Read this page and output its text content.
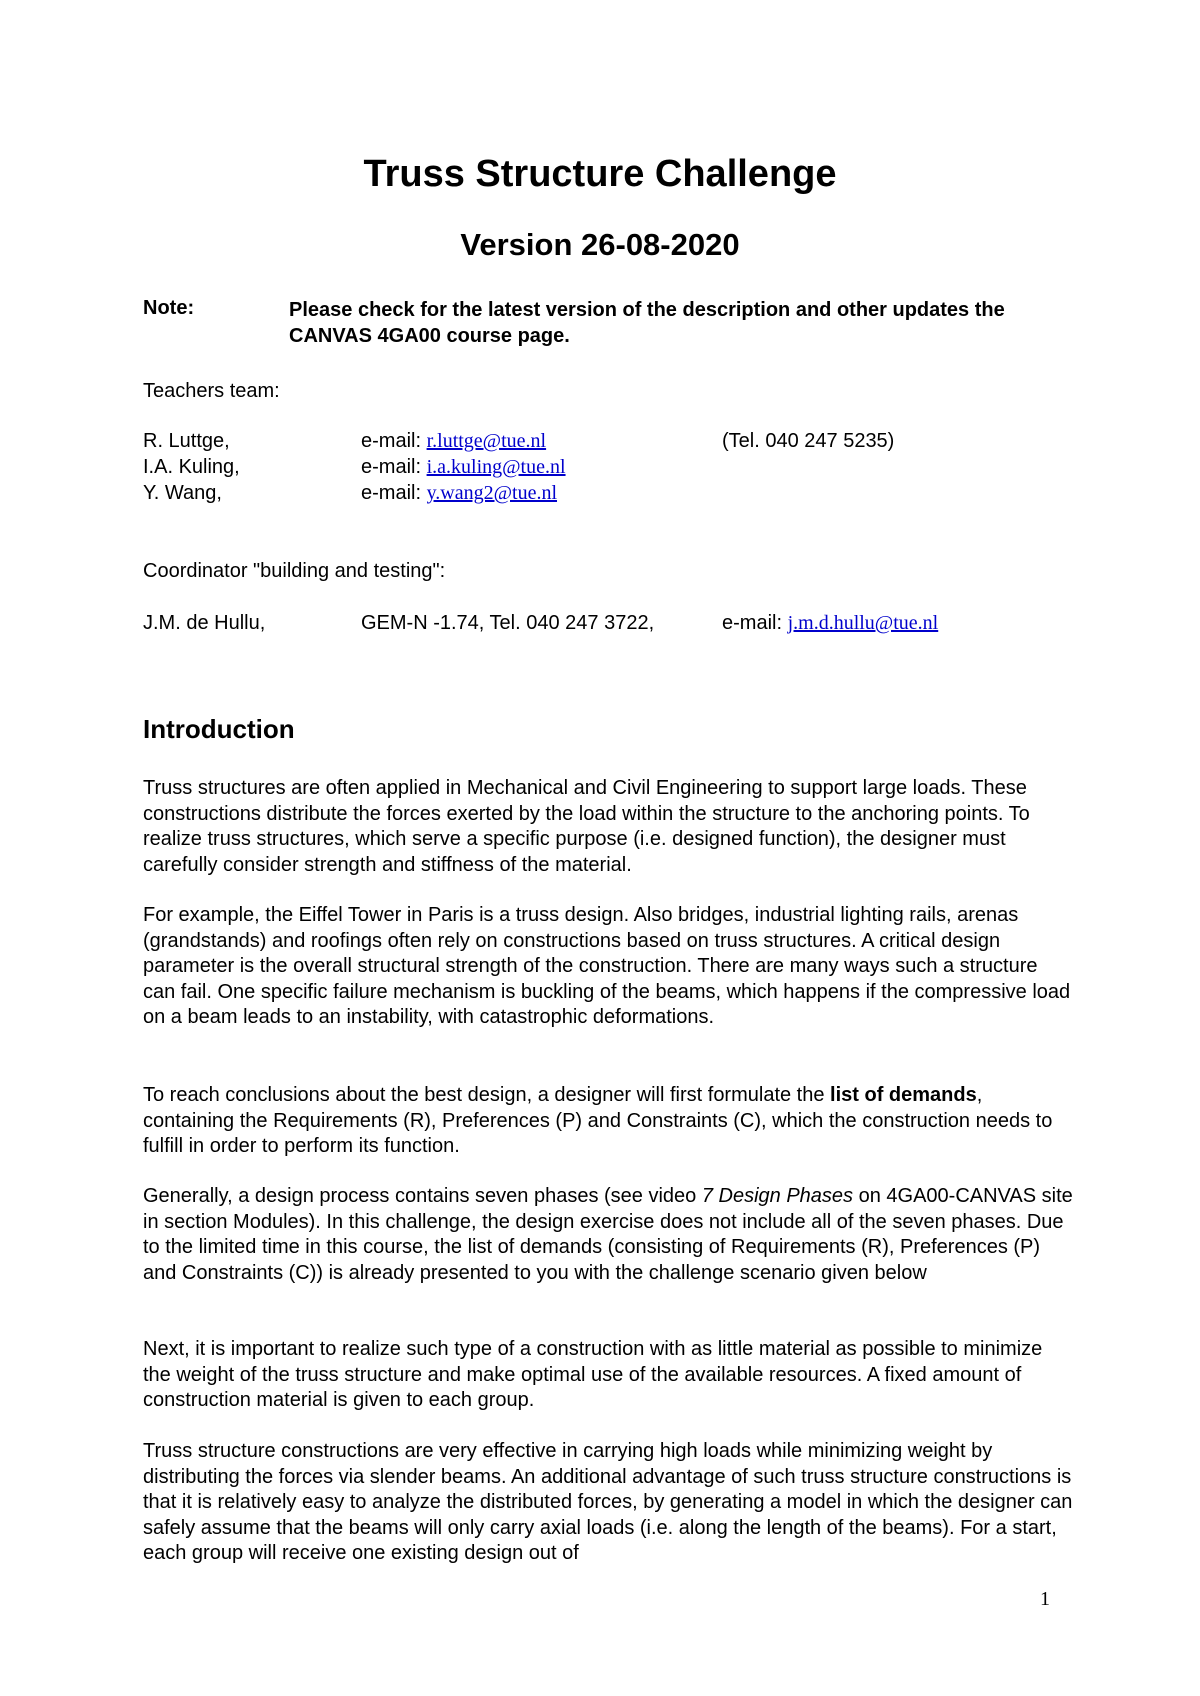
Truss Structure Challenge
Version 26-08-2020
Note:	Please check for the latest version of the description and other updates the CANVAS 4GA00 course page.
Teachers team:
R. Luttge,	e-mail: r.luttge@tue.nl	(Tel. 040 247 5235)
I.A. Kuling,	e-mail: i.a.kuling@tue.nl
Y. Wang,	e-mail: y.wang2@tue.nl
Coordinator "building and testing":
J.M. de Hullu,	GEM-N -1.74, Tel. 040 247 3722,	e-mail: j.m.d.hullu@tue.nl
Introduction
Truss structures are often applied in Mechanical and Civil Engineering to support large loads. These constructions distribute the forces exerted by the load within the structure to the anchoring points. To realize truss structures, which serve a specific purpose (i.e. designed function), the designer must carefully consider strength and stiffness of the material.
For example, the Eiffel Tower in Paris is a truss design. Also bridges, industrial lighting rails, arenas (grandstands) and roofings often rely on constructions based on truss structures. A critical design parameter is the overall structural strength of the construction. There are many ways such a structure can fail. One specific failure mechanism is buckling of the beams, which happens if the compressive load on a beam leads to an instability, with catastrophic deformations.
To reach conclusions about the best design, a designer will first formulate the list of demands, containing the Requirements (R), Preferences (P) and Constraints (C), which the construction needs to fulfill in order to perform its function.
Generally, a design process contains seven phases (see video 7 Design Phases on 4GA00-CANVAS site in section Modules). In this challenge, the design exercise does not include all of the seven phases. Due to the limited time in this course, the list of demands (consisting of Requirements (R), Preferences (P) and Constraints (C)) is already presented to you with the challenge scenario given below
Next, it is important to realize such type of a construction with as little material as possible to minimize the weight of the truss structure and make optimal use of the available resources. A fixed amount of construction material is given to each group.
Truss structure constructions are very effective in carrying high loads while minimizing weight by distributing the forces via slender beams. An additional advantage of such truss structure constructions is that it is relatively easy to analyze the distributed forces, by generating a model in which the designer can safely assume that the beams will only carry axial loads (i.e. along the length of the beams). For a start, each group will receive one existing design out of
1
